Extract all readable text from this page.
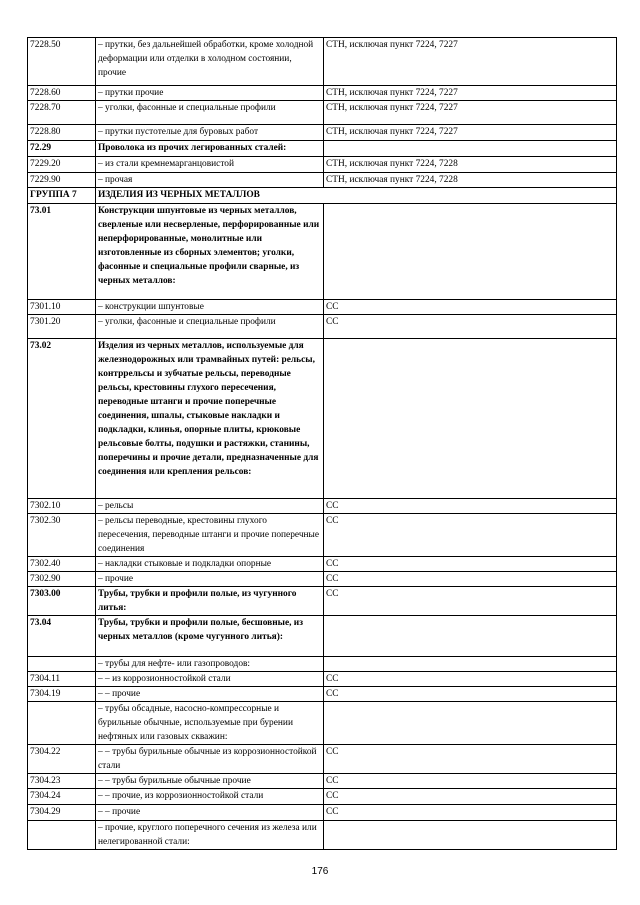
7228.50	– прутки, без дальнейшей обработки, кроме холодной деформации или отделки в холодном состоянии, прочие	СТН, исключая пункт 7224, 7227
7228.60	– прутки прочие	СТН, исключая пункт 7224, 7227
7228.70	– уголки, фасонные и специальные профили	СТН, исключая пункт 7224, 7227
7228.80	– прутки пустотелые для буровых работ	СТН, исключая пункт 7224, 7227
72.29	Проволока из прочих легированных сталей:	
7229.20	– из стали кремнемарганцовистой	СТН, исключая пункт 7224, 7228
7229.90	– прочая	СТН, исключая пункт 7224, 7228
ГРУППА 7	ИЗДЕЛИЯ ИЗ ЧЕРНЫХ МЕТАЛЛОВ	
73.01	Конструкции шпунтовые из черных металлов, сверленые или несверленые, перфорированные или неперфорированные, монолитные или изготовленные из сборных элементов; уголки, фасонные и специальные профили сварные, из черных металлов:	
7301.10	– конструкции шпунтовые	СС
7301.20	– уголки, фасонные и специальные профили	СС
73.02	Изделия из черных металлов, используемые для железнодорожных или трамвайных путей: рельсы, контррельсы и зубчатые рельсы, переводные рельсы, крестовины глухого пересечения, переводные штанги и прочие поперечные соединения, шпалы, стыковые накладки и подкладки, клинья, опорные плиты, крюковые рельсовые болты, подушки и растяжки, станины, поперечины и прочие детали, предназначенные для соединения или крепления рельсов:	
7302.10	– рельсы	СС
7302.30	– рельсы переводные, крестовины глухого пересечения, переводные штанги и прочие поперечные соединения	СС
7302.40	– накладки стыковые и подкладки опорные	СС
7302.90	– прочие	СС
7303.00	Трубы, трубки и профили полые, из чугунного литья:	СС
73.04	Трубы, трубки и профили полые, бесшовные, из черных металлов (кроме чугунного литья):	
	– трубы для нефте- или газопроводов:	
7304.11	– – из коррозионностойкой стали	СС
7304.19	– – прочие	СС
	– трубы обсадные, насосно-компрессорные и бурильные обычные, используемые при бурении нефтяных или газовых скважин:	
7304.22	– – трубы бурильные обычные из коррозионностойкой стали	СС
7304.23	– – трубы бурильные обычные прочие	СС
7304.24	– – прочие, из коррозионностойкой стали	СС
7304.29	– – прочие	СС
	– прочие, круглого поперечного сечения из железа или нелегированной стали:	
176
